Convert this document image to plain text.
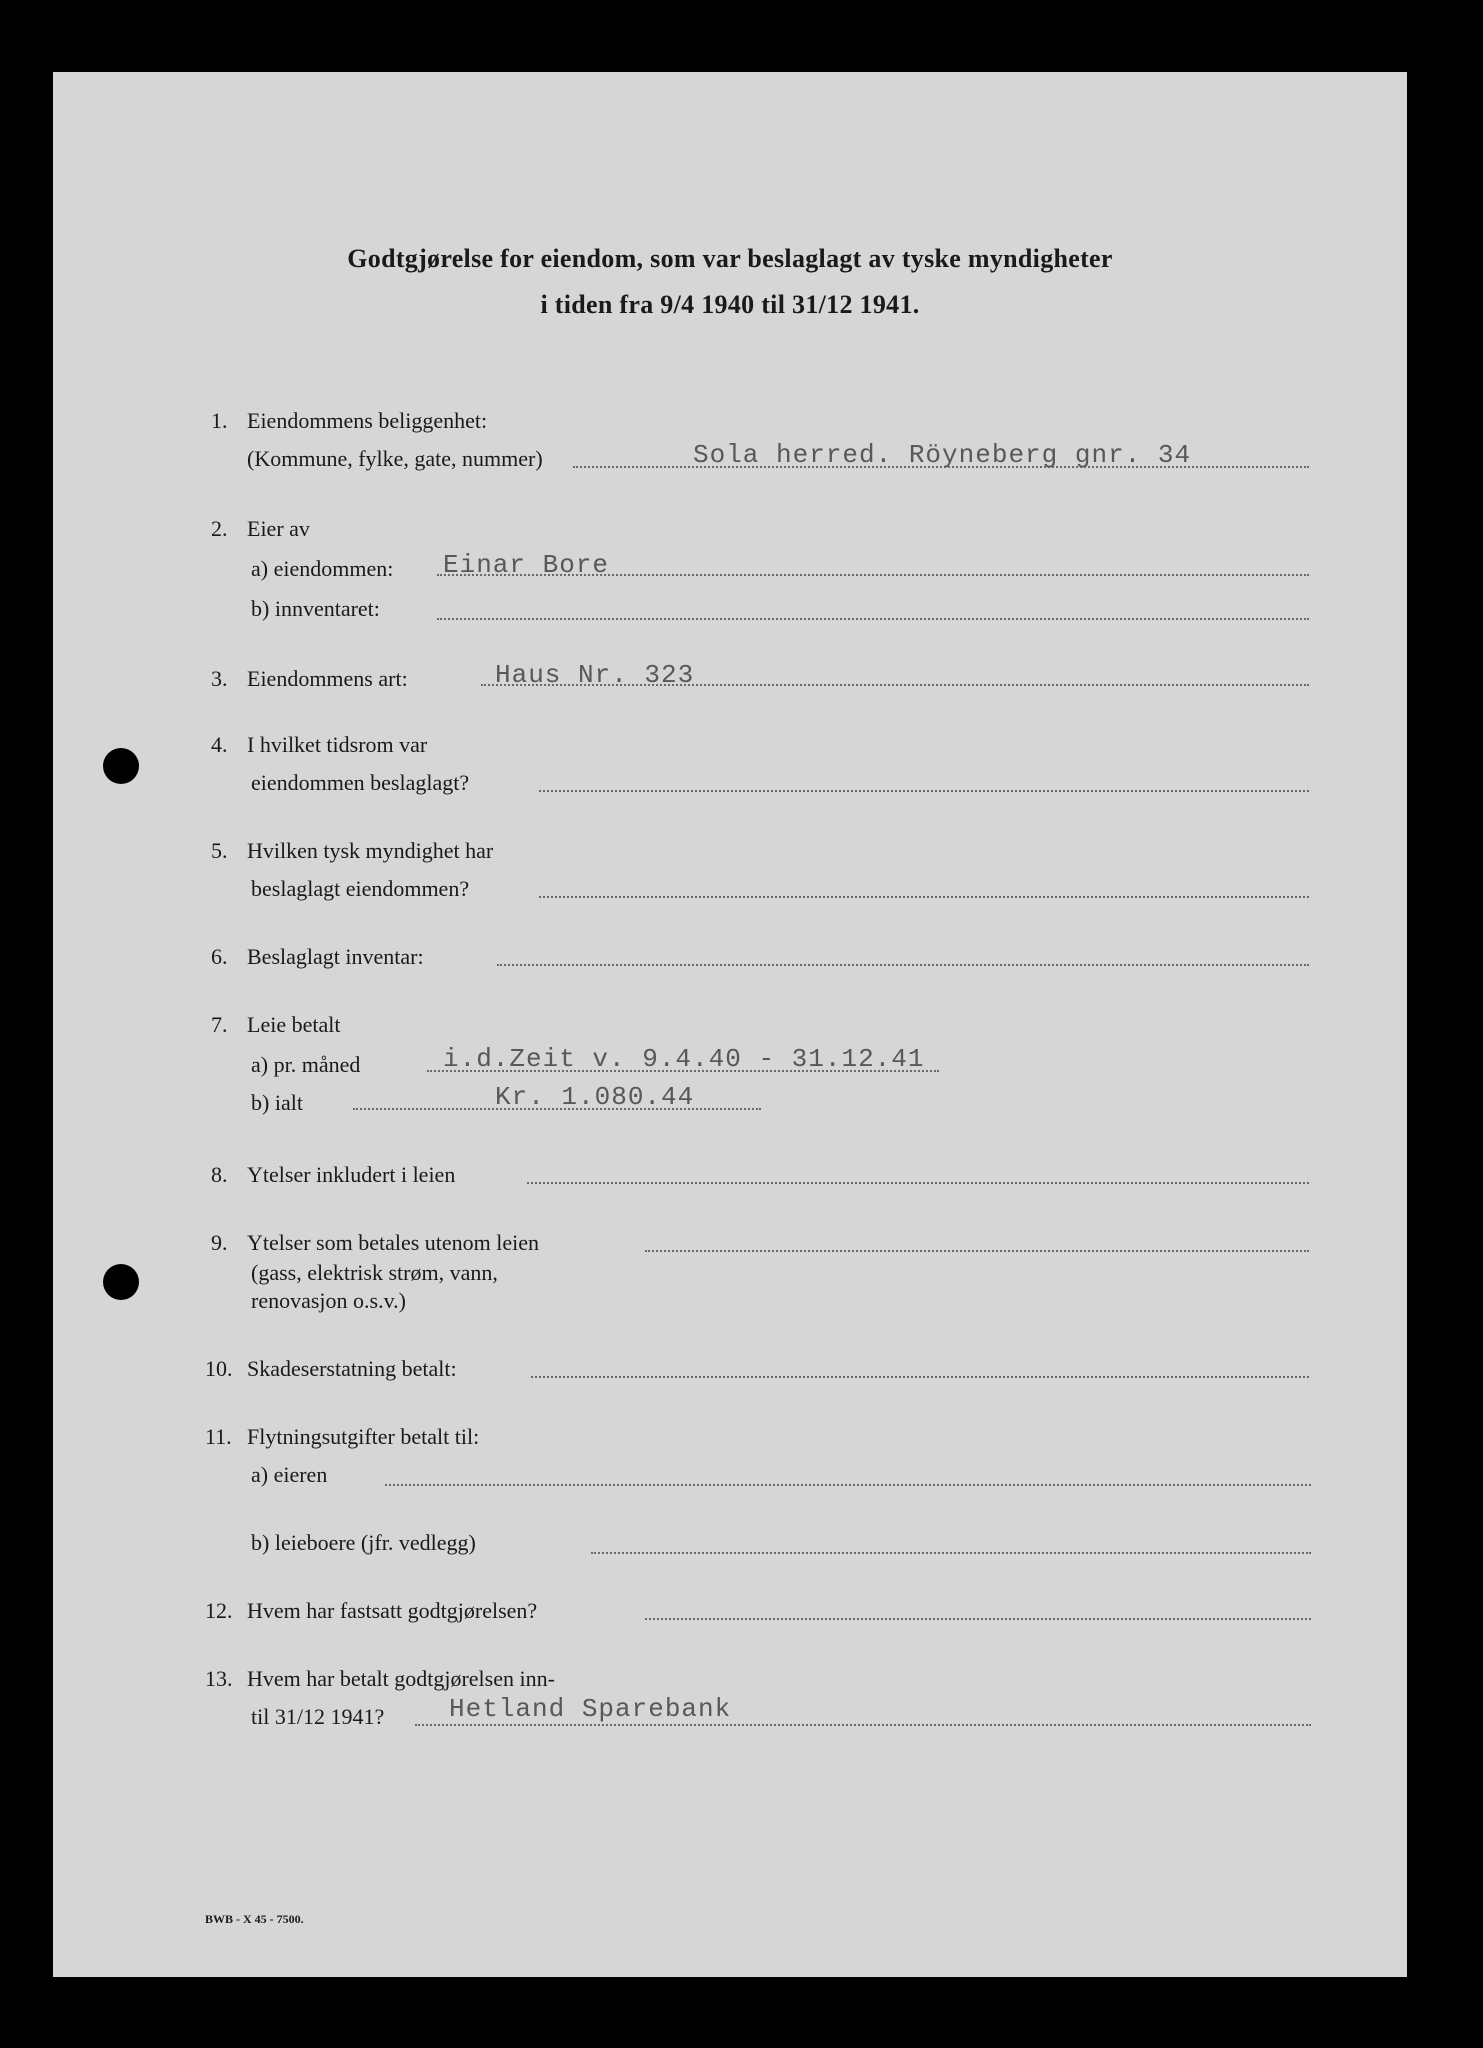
Godtgjørelse for eiendom, som var beslaglagt av tyske myndigheter
i tiden fra 9/4 1940 til 31/12 1941.
1. Eiendommens beliggenhet:
(Kommune, fylke, gate, nummer)	Sola herred. Röyneberg gnr. 34
2. Eier av
a) eiendommen: Einar Bore
b) innventaret:
3. Eiendommens art:	Haus Nr. 323
4. I hvilket tidsrom var
eiendommen beslaglagt?
5. Hvilken tysk myndighet har
beslaglagt eiendommen?
6. Beslaglagt inventar:
7. Leie betalt
a) pr. måned	i.d.Zeit v. 9.4.40 - 31.12.41
b) ialt	Kr. 1.080.44
8. Ytelser inkludert i leien
9. Ytelser som betales utenom leien
(gass, elektrisk strøm, vann,
renovasjon o.s.v.)
10. Skadeserstatning betalt:
11. Flytningsutgifter betalt til:
a) eieren
b) leieboere (jfr. vedlegg)
12. Hvem har fastsatt godtgjørelsen?
13. Hvem har betalt godtgjørelsen inn-
til 31/12 1941? Hetland Sparebank
BWB - X 45 - 7500.
